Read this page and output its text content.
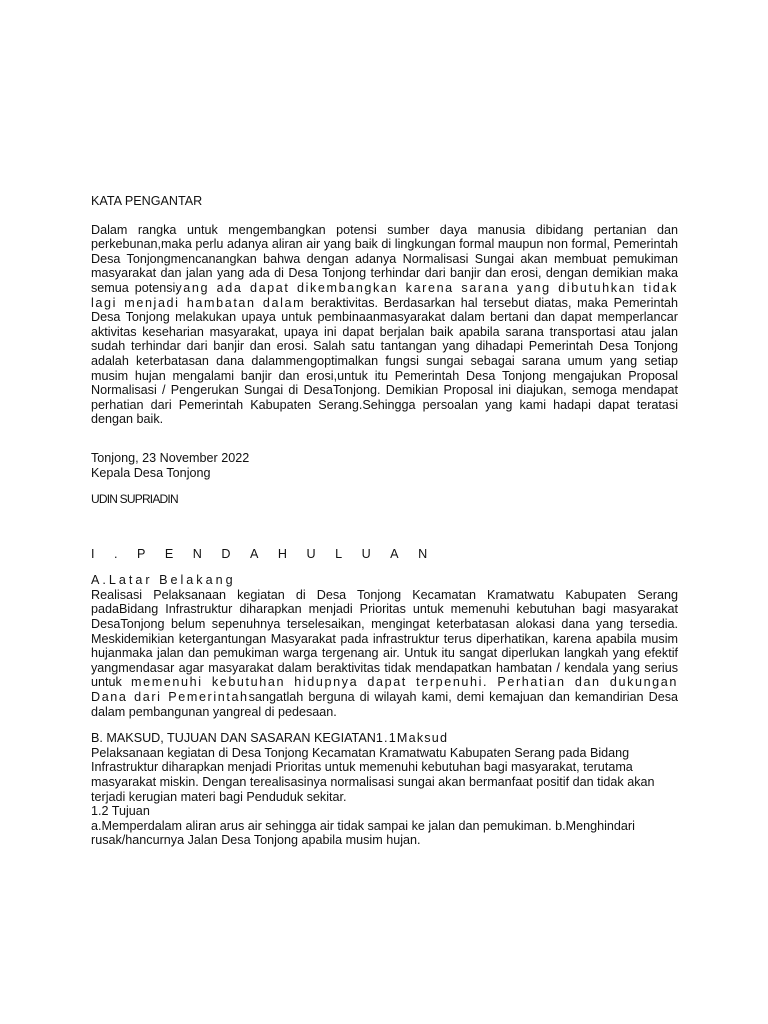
KATA PENGANTAR

Dalam rangka untuk mengembangkan potensi sumber daya manusia dibidang pertanian dan perkebunan,maka perlu adanya aliran air yang baik di lingkungan formal maupun non formal, Pemerintah Desa Tonjongmencanangkan bahwa dengan adanya Normalisasi Sungai akan membuat pemukiman masyarakat dan jalan yang ada di Desa Tonjong terhindar dari banjir dan erosi, dengan demikian maka semua potensiyang ada dapat dikembangkan karena sarana yang dibutuhkan tidak lagi menjadi hambatan dalam beraktivitas. Berdasarkan hal tersebut diatas, maka Pemerintah Desa Tonjong melakukan upaya untuk pembinaanmasyarakat dalam bertani dan dapat memperlancar aktivitas keseharian masyarakat, upaya ini dapat berjalan baik apabila sarana transportasi atau jalan sudah terhindar dari banjir dan erosi. Salah satu tantangan yang dihadapi Pemerintah Desa Tonjong adalah keterbatasan dana dalammengoptimalkan fungsi sungai sebagai sarana umum yang setiap musim hujan mengalami banjir dan erosi,untuk itu Pemerintah Desa Tonjong mengajukan Proposal Normalisasi / Pengerukan Sungai di DesaTonjong. Demikian Proposal ini diajukan, semoga mendapat perhatian dari Pemerintah Kabupaten Serang.Sehingga persoalan yang kami hadapi dapat teratasi dengan baik.

Tonjong, 23 November 2022

Kepala Desa Tonjong

UDIN SUPRIADIN

I.PENDAHULUAN

A.Latar Belakang

Realisasi Pelaksanaan kegiatan di Desa Tonjong Kecamatan Kramatwatu Kabupaten Serang padaBidang Infrastruktur diharapkan menjadi Prioritas untuk memenuhi kebutuhan bagi masyarakat DesaTonjong belum sepenuhnya terselesaikan, mengingat keterbatasan alokasi dana yang tersedia. Meskidemikian ketergantungan Masyarakat pada infrastruktur terus diperhatikan, karena apabila musim hujanmaka jalan dan pemukiman warga tergenang air. Untuk itu sangat diperlukan langkah yang efektif yangmendasar agar masyarakat dalam beraktivitas tidak mendapatkan hambatan / kendala yang serius untuk memenuhi kebutuhan hidupnya dapat terpenuhi. Perhatian dan dukungan Dana dari Pemerintahsangatlah berguna di wilayah kami, demi kemajuan dan kemandirian Desa dalam pembangunan yangreal di pedesaan.

B. MAKSUD, TUJUAN DAN SASARAN KEGIATAN1.1Maksud

Pelaksanaan kegiatan di Desa Tonjong Kecamatan Kramatwatu Kabupaten Serang pada Bidang Infrastruktur diharapkan menjadi Prioritas untuk memenuhi kebutuhan bagi masyarakat, terutama masyarakat miskin. Dengan terealisasinya normalisasi sungai akan bermanfaat positif dan tidak akan terjadi kerugian materi bagi Penduduk sekitar.

1.2 Tujuan

a.Memperdalam aliran arus air sehingga air tidak sampai ke jalan dan pemukiman. b.Menghindari rusak/hancurnya Jalan Desa Tonjong apabila musim hujan.
